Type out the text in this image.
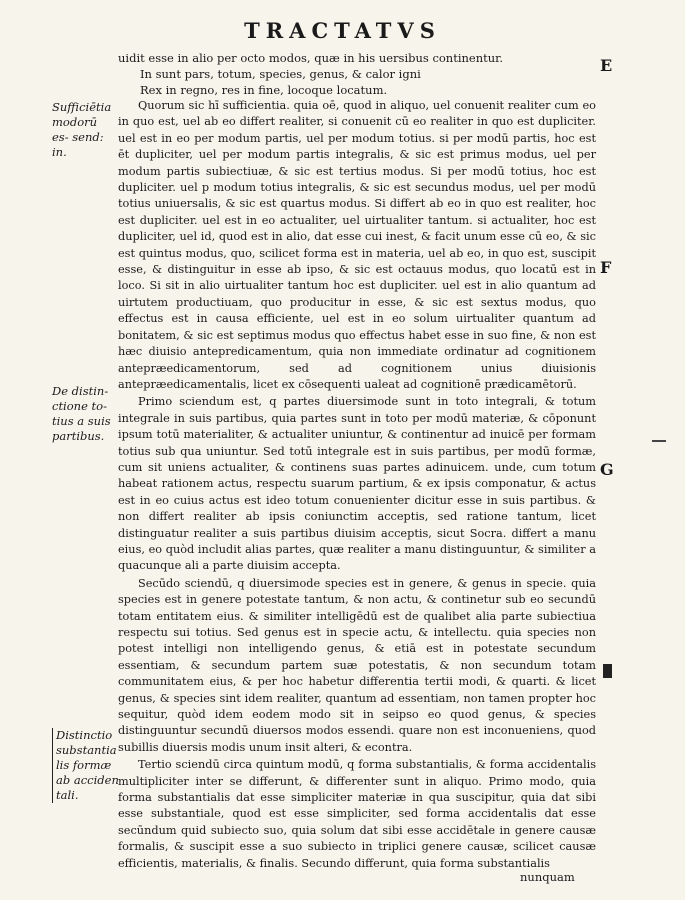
TRACTATVS
uidit esse in alio per octo modos, quæ in his uersibus continentur.
In sunt pars, totum, species, genus, & calor igni
Rex in regno, res in fine, locoque locatum.
Sufficiētia modorū es- send: in.
De distin- ctione to- tius a suis partibus.
Distinctio substantia lis formæ ab acciden tali.
E
F
G

Quorum sic hī sufficientia. quia oē, quod in aliquo, uel conuenit realiter cum eo in quo est, uel ab eo differt realiter, si conuenit cū eo realiter in quo est dupliciter. uel est in eo per modum partis, uel per modum totius. si per modū partis, hoc est ēt dupliciter, uel per modum partis integralis, & sic est primus modus, uel per modum partis subiectiuæ, & sic est tertius modus. Si per modū totius, hoc est dupliciter. uel p modum totius integralis, & sic est secundus modus, uel per modū totius uniuersalis, & sic est quartus modus. Si differt ab eo in quo est realiter, hoc est dupliciter. uel est in eo actualiter, uel uirtualiter tantum. si actualiter, hoc est dupliciter, uel id, quod est in alio, dat esse cui inest, & facit unum esse cū eo, & sic est quintus modus, quo, scilicet forma est in materia, uel ab eo, in quo est, suscipit esse, & distinguitur in esse ab ipso, & sic est octauus modus, quo locatū est in loco. Si sit in alio uirtualiter tantum hoc est dupliciter. uel est in alio quantum ad uirtutem productiuam, quo producitur in esse, & sic est sextus modus, quo effectus est in causa efficiente, uel est in eo solum uirtualiter quantum ad bonitatem, & sic est septimus modus quo effectus habet esse in suo fine, & non est hæc diuisio antepredicamentum, quia non immediate ordinatur ad cognitionem antepræedicamentorum, sed ad cognitionem unius diuisionis antepræedicamentalis, licet ex cōsequenti ualeat ad cognitionē prædicamētorū.

Primo sciendum est, q partes diuersimode sunt in toto integrali, & totum integrale in suis partibus, quia partes sunt in toto per modū materiæ, & cōponunt ipsum totū materialiter, & actualiter uniuntur, & continentur ad inuicē per formam totius sub qua uniuntur. Sed totū integrale est in suis partibus, per modū formæ, cum sit uniens actualiter, & continens suas partes adinuicem. unde, cum totum habeat rationem actus, respectu suarum partium, & ex ipsis componatur, & actus est in eo cuius actus est ideo totum conuenienter dicitur esse in suis partibus. & non differt realiter ab ipsis coniunctim acceptis, sed ratione tantum, licet distinguatur realiter a suis partibus diuisim acceptis, sicut Socra. differt a manu eius, eo quòd includit alias partes, quæ realiter a manu distinguuntur, & similiter a quacunque ali a parte diuisim accepta.

Secūdo sciendū, q diuersimode species est in genere, & genus in specie. quia species est in genere potestate tantum, & non actu, & continetur sub eo secundū totam entitatem eius. & similiter intelligēdū est de qualibet alia parte subiectiua respectu sui totius. Sed genus est in specie actu, & intellectu. quia species non potest intelligi non intelligendo genus, & etiā est in potestate secundum essentiam, & secundum partem suæ potestatis, & non secundum totam communitatem eius, & per hoc habetur differentia tertii modi, & quarti. & licet genus, & species sint idem realiter, quantum ad essentiam, non tamen propter hoc sequitur, quòd idem eodem modo sit in seipso eo quod genus, & species distinguuntur secundū diuersos modos essendi. quare non est inconueniens, quod subillis diuersis modis unum insit alteri, & econtra.

Tertio sciendū circa quintum modū, q forma substantialis, & forma accidentalis multipliciter inter se differunt, & differenter sunt in aliquo. Primo modo, quia forma substantialis dat esse simpliciter materiæ in qua suscipitur, quia dat sibi esse substantiale, quod est esse simpliciter, sed forma accidentalis dat esse secūndum quid subiecto suo, quia solum dat sibi esse accidētale in genere causæ formalis, & suscipit esse a suo subiecto in triplici genere causæ, scilicet causæ efficientis, materialis, & finalis. Secundo differunt, quia forma substantialis

nunquam
